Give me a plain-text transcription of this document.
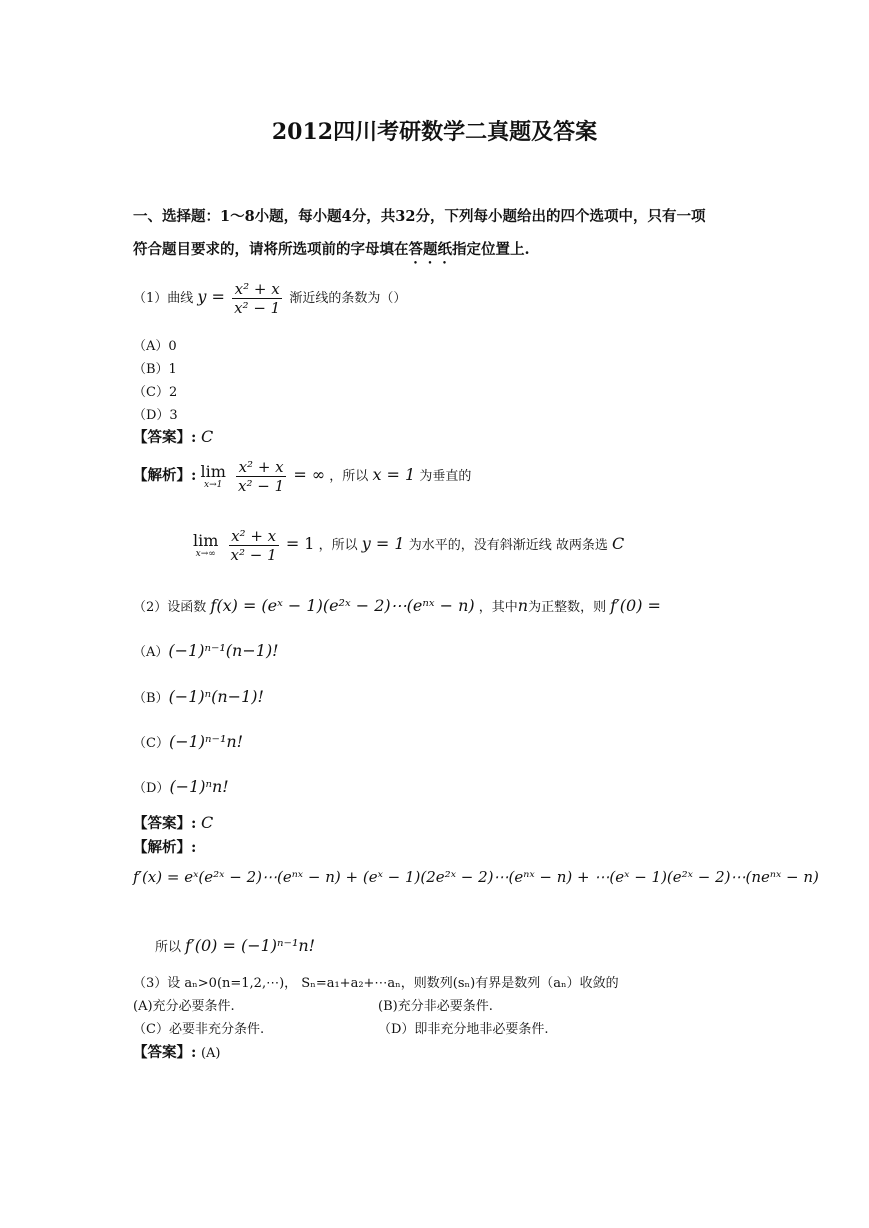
2012四川考研数学二真题及答案
一、选择题：1～8小题，每小题4分，共32分，下列每小题给出的四个选项中，只有一项
符合题目要求的，请将所选项前的字母填在答题纸指定位置上.
（1）曲线 $y = \frac{\text{x² + x}}{\text{x² − 1}}$ 渐近线的条数为（）
（A）0
（B）1
（C）2
（D）3
【答案】: C
【解析】: lim
x→1
$\frac{\text{x² + x}}{\text{x² − 1}}$ = ∞ ，所以 x = 1 为垂直的
lim
x→∞
$\frac{\text{x² + x}}{\text{x² − 1}} = 1$ ，所以 y = 1 为水平的，没有斜渐近线 故两条选 C
（2）设函数 f(x) = (eˣ − 1)(e²ˣ − 2)⋯(eⁿˣ − n) ，其中n为正整数，则 f′(0) =
（A）(−1)ⁿ⁻¹(n−1)!
（B）(−1)ⁿ(n−1)!
（C）(−1)ⁿ⁻¹n!
（D）(−1)ⁿn!
【答案】: C
【解析】:
f′(x) = eˣ(e²ˣ − 2)⋯(eⁿˣ − n) + (eˣ − 1)(2e²ˣ − 2)⋯(eⁿˣ − n) + ⋯(eˣ − 1)(e²ˣ − 2)⋯(neⁿˣ − n)
所以 f′(0) = (−1)ⁿ⁻¹n!
（3）设 aₙ>0(n=1,2,⋯)， Sₙ=a₁+a₂+⋯aₙ，则数列(sₙ)有界是数列（aₙ）收敛的
(A)充分必要条件.	(B)充分非必要条件.
（C）必要非充分条件.	（D）即非充分地非必要条件.
【答案】: (A)
